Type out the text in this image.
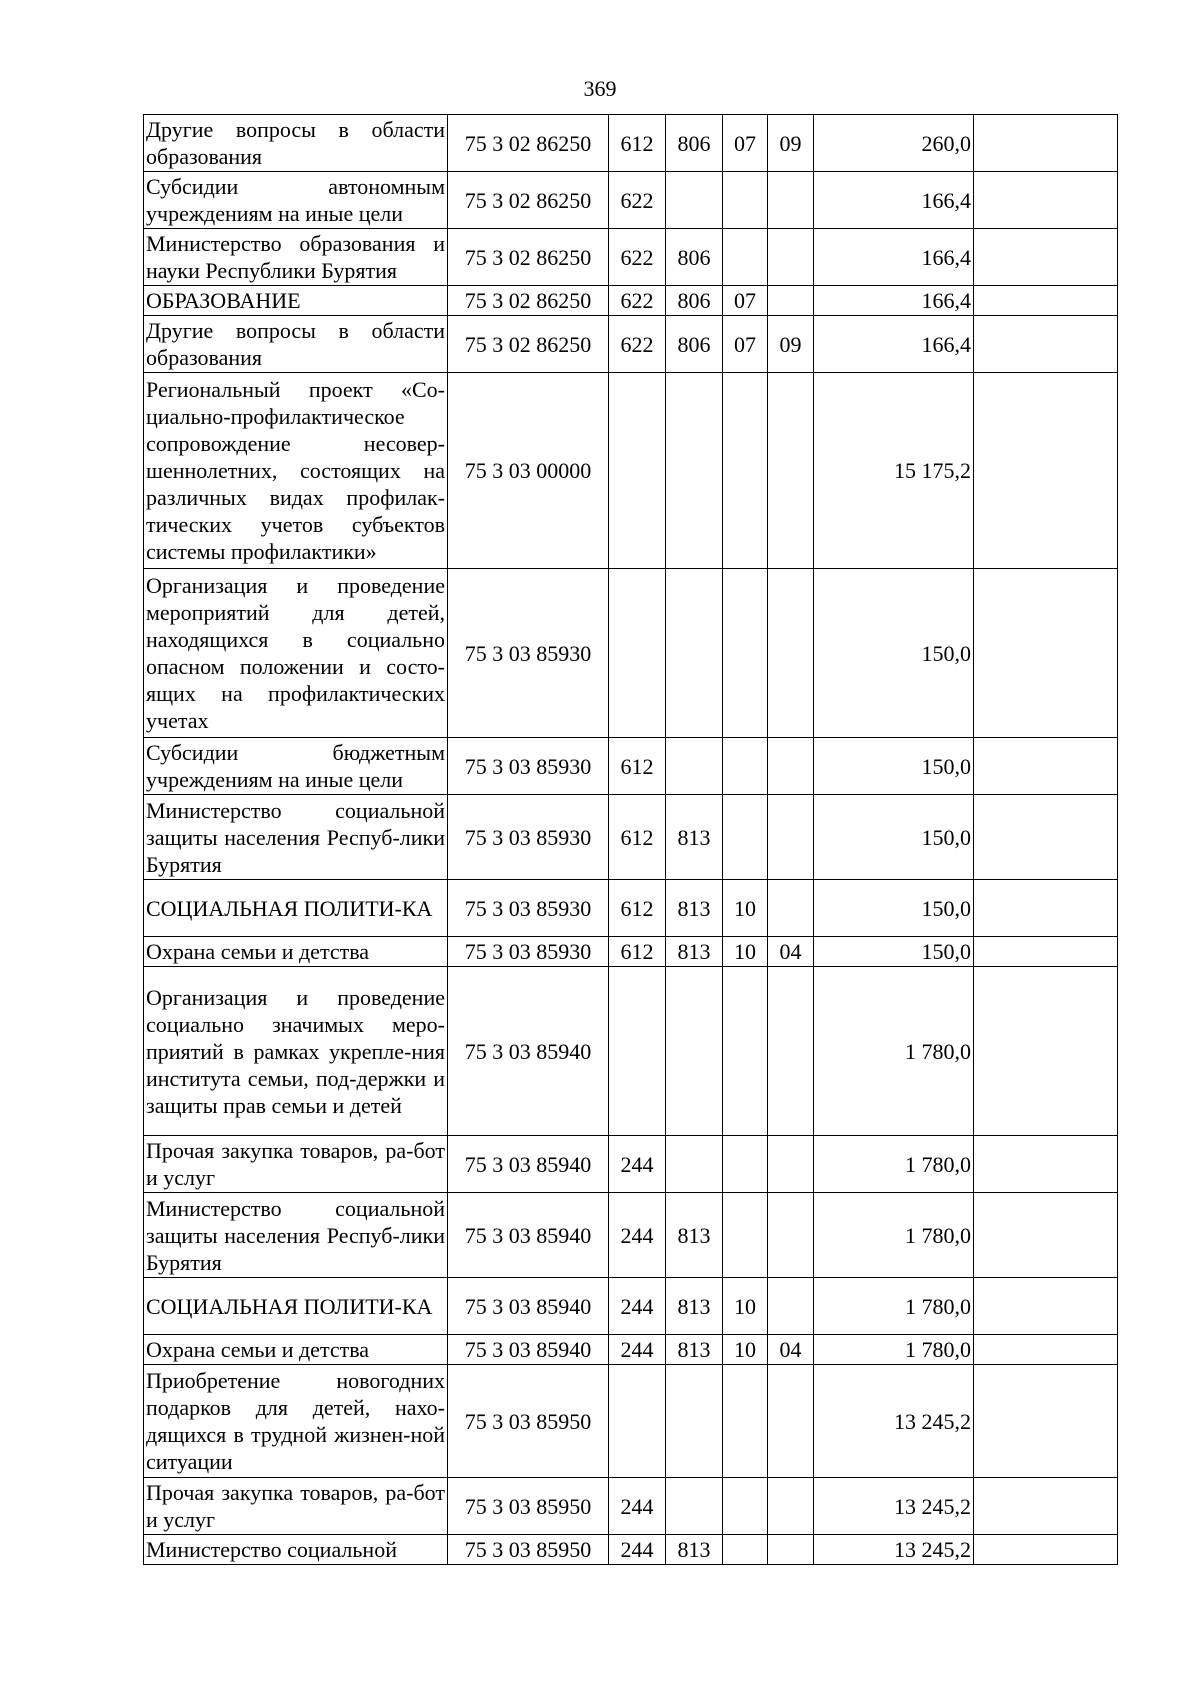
369
Другие вопросы в области образования	75 3 02 86250	612	806	07	09	260,0	
Субсидии автономным учреждениям на иные цели	75 3 02 86250	622				166,4	
Министерство образования и науки Республики Бурятия	75 3 02 86250	622	806			166,4	
ОБРАЗОВАНИЕ	75 3 02 86250	622	806	07		166,4	
Другие вопросы в области образования	75 3 02 86250	622	806	07	09	166,4	
Региональный проект «Со-циально-профилактическое сопровождение несовер-шеннолетних, состоящих на различных видах профилак-тических учетов субъектов системы профилактики»	75 3 03 00000					15 175,2	
Организация и проведение мероприятий для детей, находящихся в социально опасном положении и состо-ящих на профилактических учетах	75 3 03 85930					150,0	
Субсидии бюджетным учреждениям на иные цели	75 3 03 85930	612				150,0	
Министерство социальной защиты населения Респуб-лики Бурятия	75 3 03 85930	612	813			150,0	
СОЦИАЛЬНАЯ ПОЛИТИ-КА	75 3 03 85930	612	813	10		150,0	
Охрана семьи и детства	75 3 03 85930	612	813	10	04	150,0	
Организация и проведение социально значимых меро-приятий в рамках укрепле-ния института семьи, под-держки и защиты прав семьи и детей	75 3 03 85940					1 780,0	
Прочая закупка товаров, ра-бот и услуг	75 3 03 85940	244				1 780,0	
Министерство социальной защиты населения Респуб-лики Бурятия	75 3 03 85940	244	813			1 780,0	
СОЦИАЛЬНАЯ ПОЛИТИ-КА	75 3 03 85940	244	813	10		1 780,0	
Охрана семьи и детства	75 3 03 85940	244	813	10	04	1 780,0	
Приобретение новогодних подарков для детей, нахо-дящихся в трудной жизнен-ной ситуации	75 3 03 85950					13 245,2	
Прочая закупка товаров, ра-бот и услуг	75 3 03 85950	244				13 245,2	
Министерство социальной	75 3 03 85950	244	813			13 245,2	
